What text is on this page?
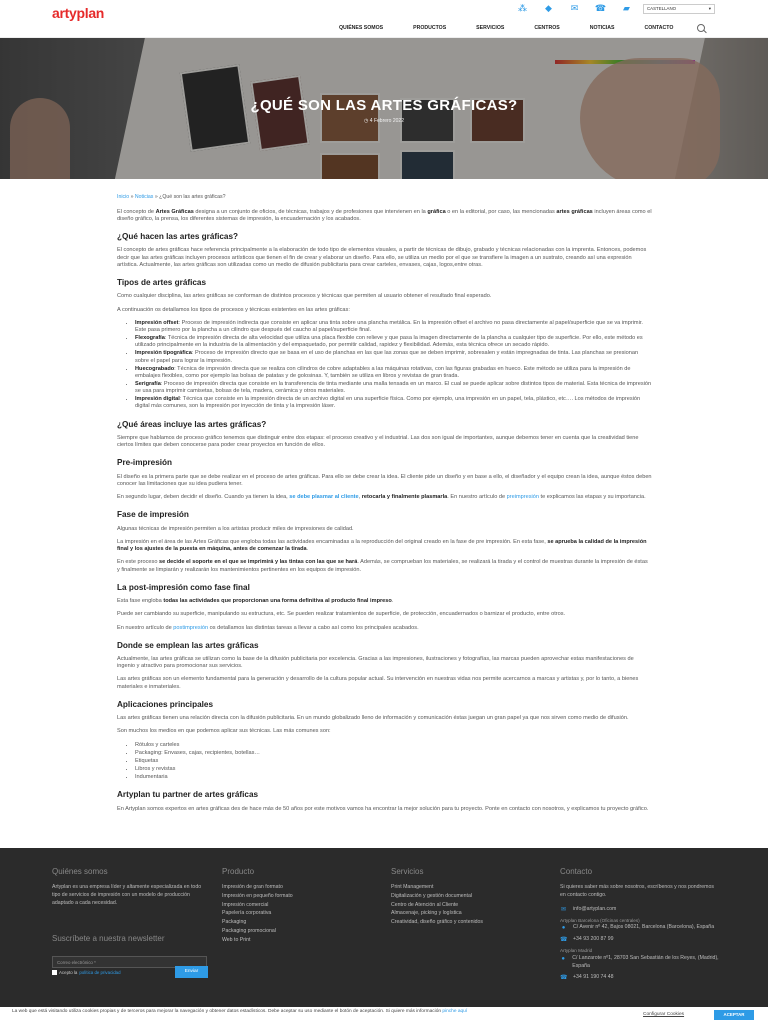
artyplan	⁂	◆	✉	☎	▰	CASTELLANO	▾
QUIÉNES SOMOS	PRODUCTOS	SERVICIOS	CENTROS	NOTICIAS	CONTACTO
¿QUÉ SON LAS ARTES GRÁFICAS?
◷ 4 Febrero 2022
Inicio » Noticias » ¿Qué son las artes gráficas?

El concepto de Artes Gráficas designa a un conjunto de oficios, de técnicas, trabajos y de profesiones que intervienen en la gráfica o en la editorial, por caso, las mencionadas artes gráficas incluyen áreas como el diseño gráfico, la prensa, los diferentes sistemas de impresión, la encuadernación y los acabados.

¿Qué hacen las artes gráficas?

El concepto de artes gráficas hace referencia principalmente a la elaboración de todo tipo de elementos visuales, a partir de técnicas de dibujo, grabado y técnicas relacionadas con la imprenta. Entonces, podemos decir que las artes gráficas incluyen procesos artísticos que tienen el fin de crear y elaborar un diseño. Para ello, se utiliza un medio por el que se transfiere la imagen a un sustrato, creando así una expresión artística. Actualmente, las artes gráficas son utilizadas como un medio de difusión publicitaria para crear carteles, envases, cajas, logos,entre otras.

Tipos de artes gráficas

Como cualquier disciplina, las artes gráficas se conforman de distintos procesos y técnicas que permiten al usuario obtener el resultado final esperado.

A continuación os detallamos los tipos de procesos y técnicas existentes en las artes gráficas:

• Impresión offset: Proceso de impresión indirecta que consiste en aplicar una tinta sobre una plancha metálica. En la impresión offset el archivo no pasa directamente al papel/superficie que se va imprimir. Este pasa primero por la plancha a un cilindro que después del caucho al papel/superficie final.
• Flexografía: Técnica de impresión directa de alta velocidad que utiliza una placa flexible con relieve y que pasa la imagen directamente de la plancha a cualquier tipo de superficie. Por ello, este método es utilizado principalmente en la industria de la alimentación y del empaquetado, por permitir calidad, rapidez y flexibilidad. Además, esta técnica ofrece un secado rápido.
• Impresión tipográfica: Proceso de impresión directo que se basa en el uso de planchas en las que las zonas que se deben imprimir, sobresalen y están impregnadas de tinta. Las planchas se presionan sobre el papel para lograr la impresión.
• Huecograbado: Técnica de impresión directa que se realiza con cilindros de cobre adaptables a las máquinas rotativas, con las figuras grabadas en hueco. Este método se utiliza para la impresión de embalajes flexibles, como por ejemplo las bolsas de patatas y de golosinas. Y, también se utiliza en libros y revistas de gran tirada.
• Serigrafía: Proceso de impresión directa que consiste en la transferencia de tinta mediante una malla tensada en un marco. El cual se puede aplicar sobre distintos tipos de material. Esta técnica de impresión se usa para imprimir camisetas, bolsas de tela, madera, cerámica y otros materiales.
• Impresión digital: Técnica que consiste en la impresión directa de un archivo digital en una superficie física. Como por ejemplo, una impresión en un papel, tela, plástico, etc…. Los métodos de impresión digital más comunes, son la impresión por inyección de tinta y la impresión láser.
¿Qué áreas incluye las artes gráficas?

Siempre que hablamos de proceso gráfico tenemos que distinguir entre dos etapas: el proceso creativo y el industrial. Las dos son igual de importantes, aunque debemos tener en cuenta que la creatividad tiene ciertos límites que deben conocerse para poder crear proyectos en función de ellos.

Pre-impresión

El diseño es la primera parte que se debe realizar en el proceso de artes gráficas. Para ello se debe crear la idea. El cliente pide un diseño y en base a ello, el diseñador y el equipo crean la idea, aunque éstos deben conocer las limitaciones que su idea pudiera tener.

En segundo lugar, deben decidir el diseño. Cuando ya tienen la idea, se debe plasmar al cliente, retocarla y finalmente plasmarla. En nuestro artículo de preimpresión te explicamos las etapas y su importancia.

Fase de impresión

Algunas técnicas de impresión permiten a los artistas producir miles de impresiones de calidad.

La impresión en el área de las Artes Gráficas que engloba todas las actividades encaminadas a la reproducción del original creado en la fase de pre impresión. En esta fase, se aprueba la calidad de la impresión final y los ajustes de la puesta en máquina, antes de comenzar la tirada.

En este proceso se decide el soporte en el que se imprimirá y las tintas con las que se hará. Además, se comprueban los materiales, se realizará la tirada y el control de muestras durante la impresión de éstas y finalmente se limpiarán y realizarán los mantenimientos pertinentes en los equipos de impresión.

La post-impresión como fase final

Esta fase engloba todas las actividades que proporcionan una forma definitiva al producto final impreso.

Puede ser cambiando su superficie, manipulando su estructura, etc. Se pueden realizar tratamientos de superficie, de protección, encuadernados o barnizar el producto, entre otros.

En nuestro artículo de postimpresión os detallamos las distintas tareas a llevar a cabo así como los principales acabados.

Donde se emplean las artes gráficas

Actualmente, las artes gráficas se utilizan como la base de la difusión publicitaria por excelencia. Gracias a las impresiones, ilustraciones y fotografías, las marcas pueden aprovechar estas manifestaciones de ingenio y atractivo para promocionar sus servicios.

Las artes gráficas son un elemento fundamental para la generación y desarrollo de la cultura popular actual. Su intervención en nuestras vidas nos permite acercarnos a marcas y artistas y, por lo tanto, a bienes materiales e inmateriales.

Aplicaciones principales

Las artes gráficas tienen una relación directa con la difusión publicitaria. En un mundo globalizado lleno de información y comunicación éstas juegan un gran papel ya que nos sirven como medio de difusión.

Son muchos los medios en que podemos aplicar sus técnicas. Las más comunes son:

• Rótulos y carteles
• Packaging: Envases, cajas, recipientes, botellas…
• Etiquetas
• Libros y revistas
• Indumentaria
Artyplan tu partner de artes gráficas

En Artyplan somos expertos en artes gráficas des de hace más de 50 años por este motivos vamos ha encontrar la mejor solución para tu proyecto. Ponte en contacto con nosotros, y explicamos tu proyecto gráfico.

Quiénes somos
Artyplan es una empresa líder y altamente especializada en todo tipo de servicios de impresión con un modelo de producción adaptado a cada necesidad.
Suscríbete a nuestra newsletter
Correo electrónico *
Acepto la política de privacidad	Enviar
Producto
Impresión de gran formato
Impresión en pequeño formato
Impresión comercial
Papelería corporativa
Packaging
Packaging promocional
Web to Print
Servicios
Print Management
Digitalización y gestión documental
Centro de Atención al Cliente
Almacenaje, picking y logística
Creatividad, diseño gráfico y contenidos
Contacto
Si quieres saber más sobre nosotros, escríbenos y nos pondremos en contacto contigo.
✉ info@artyplan.com
Artyplan Barcelona (Oficinas centrales)
●	C/ Avenir nº 42, Bajos 08021, Barcelona (Barcelona), España
☎ +34 93 200 87 99
Artyplan Madrid
● C/ Lanzarote nº1, 28703 San Sebastián de los Reyes, (Madrid), España
☎ +34 91 190 74 48
La web que está visitando utiliza cookies propias y de terceros para mejorar la navegación y obtener datos estadísticos. Debe aceptar su uso mediante el botón de aceptación. Si quiere más información pinche aquí
Configurar Cookies	ACEPTAR
